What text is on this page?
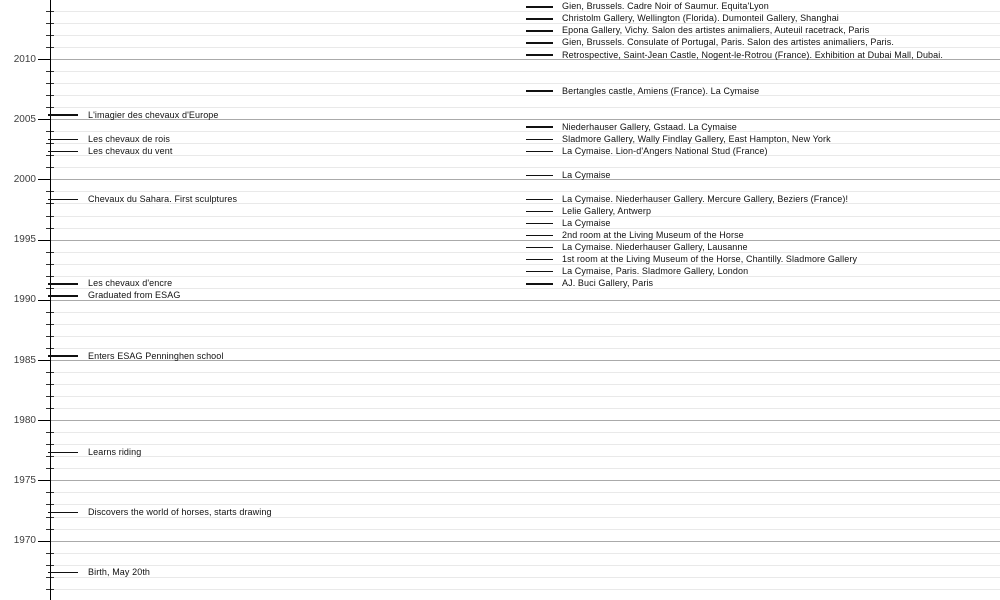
2010
2005
2000
1995
1990
1985
1980
1975
1970
Birth, May 20th
Discovers the world of horses, starts drawing
Learns riding
Enters ESAG Penninghen school
Graduated from ESAG
Les chevaux d'encre
Chevaux du Sahara. First sculptures
Les chevaux du vent
Les chevaux de rois
L'imagier des chevaux d'Europe
AJ. Buci Gallery, Paris
La Cymaise, Paris. Sladmore Gallery, London
1st room at the Living Museum of the Horse, Chantilly. Sladmore Gallery
La Cymaise. Niederhauser Gallery, Lausanne
2nd room at the Living Museum of the Horse
La Cymaise
Lelie Gallery, Antwerp
La Cymaise. Niederhauser Gallery. Mercure Gallery, Beziers (France)!
La Cymaise
La Cymaise. Lion-d'Angers National Stud (France)
Sladmore Gallery, Wally Findlay Gallery, East Hampton, New York
Niederhauser Gallery, Gstaad. La Cymaise
Bertangles castle, Amiens (France). La Cymaise
Retrospective, Saint-Jean Castle, Nogent-le-Rotrou (France). Exhibition at Dubai Mall, Dubai.
Gien, Brussels. Consulate of Portugal, Paris. Salon des artistes animaliers, Paris.
Epona Gallery, Vichy. Salon des artistes animaliers, Auteuil racetrack, Paris
Christolm Gallery, Wellington (Florida). Dumonteil Gallery, Shanghai
Gien, Brussels. Cadre Noir of Saumur. Equita'Lyon
